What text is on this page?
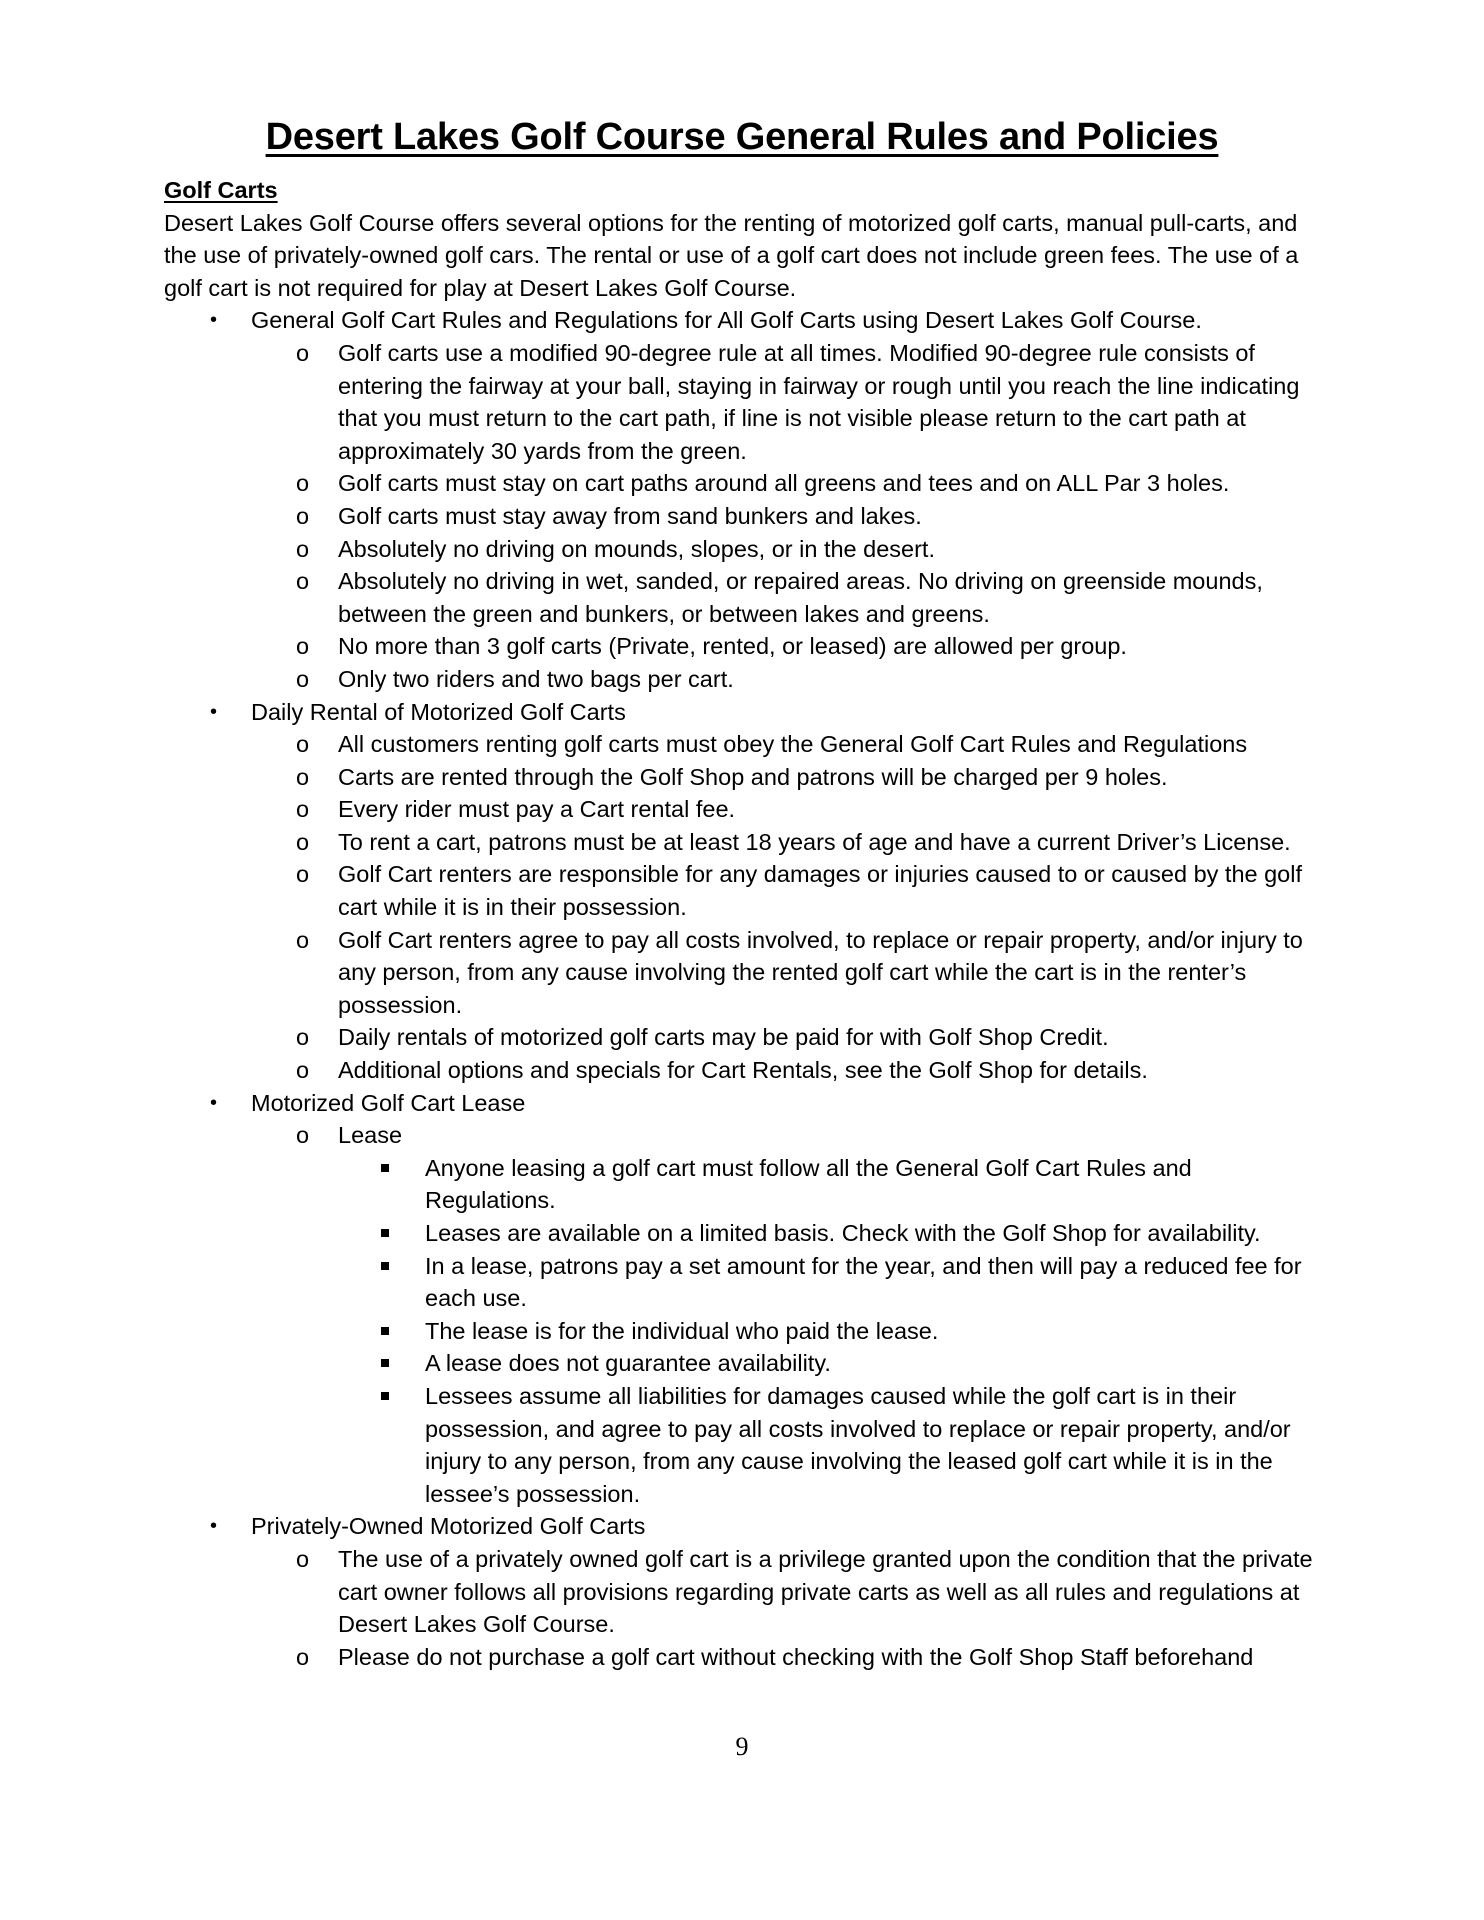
Desert Lakes Golf Course General Rules and Policies

Golf Carts

Desert Lakes Golf Course offers several options for the renting of motorized golf carts, manual pull-carts, and the use of privately-owned golf cars. The rental or use of a golf cart does not include green fees. The use of a golf cart is not required for play at Desert Lakes Golf Course.

• General Golf Cart Rules and Regulations for All Golf Carts using Desert Lakes Golf Course.
o Golf carts use a modified 90-degree rule at all times. Modified 90-degree rule consists of entering the fairway at your ball, staying in fairway or rough until you reach the line indicating that you must return to the cart path, if line is not visible please return to the cart path at approximately 30 yards from the green.
o Golf carts must stay on cart paths around all greens and tees and on ALL Par 3 holes.
o Golf carts must stay away from sand bunkers and lakes.
o Absolutely no driving on mounds, slopes, or in the desert.
o Absolutely no driving in wet, sanded, or repaired areas. No driving on greenside mounds, between the green and bunkers, or between lakes and greens.
o No more than 3 golf carts (Private, rented, or leased) are allowed per group.
o Only two riders and two bags per cart.
• Daily Rental of Motorized Golf Carts
o All customers renting golf carts must obey the General Golf Cart Rules and Regulations
o Carts are rented through the Golf Shop and patrons will be charged per 9 holes.
o Every rider must pay a Cart rental fee.
o To rent a cart, patrons must be at least 18 years of age and have a current Driver’s License.
o Golf Cart renters are responsible for any damages or injuries caused to or caused by the golf cart while it is in their possession.
o Golf Cart renters agree to pay all costs involved, to replace or repair property, and/or injury to any person, from any cause involving the rented golf cart while the cart is in the renter’s possession.
o Daily rentals of motorized golf carts may be paid for with Golf Shop Credit.
o Additional options and specials for Cart Rentals, see the Golf Shop for details.
• Motorized Golf Cart Lease
o Lease
Anyone leasing a golf cart must follow all the General Golf Cart Rules and Regulations.
Leases are available on a limited basis. Check with the Golf Shop for availability.
In a lease, patrons pay a set amount for the year, and then will pay a reduced fee for each use.
The lease is for the individual who paid the lease.
A lease does not guarantee availability.
Lessees assume all liabilities for damages caused while the golf cart is in their possession, and agree to pay all costs involved to replace or repair property, and/or injury to any person, from any cause involving the leased golf cart while it is in the lessee’s possession.
• Privately-Owned Motorized Golf Carts
o The use of a privately owned golf cart is a privilege granted upon the condition that the private cart owner follows all provisions regarding private carts as well as all rules and regulations at Desert Lakes Golf Course.
o Please do not purchase a golf cart without checking with the Golf Shop Staff beforehand
9
